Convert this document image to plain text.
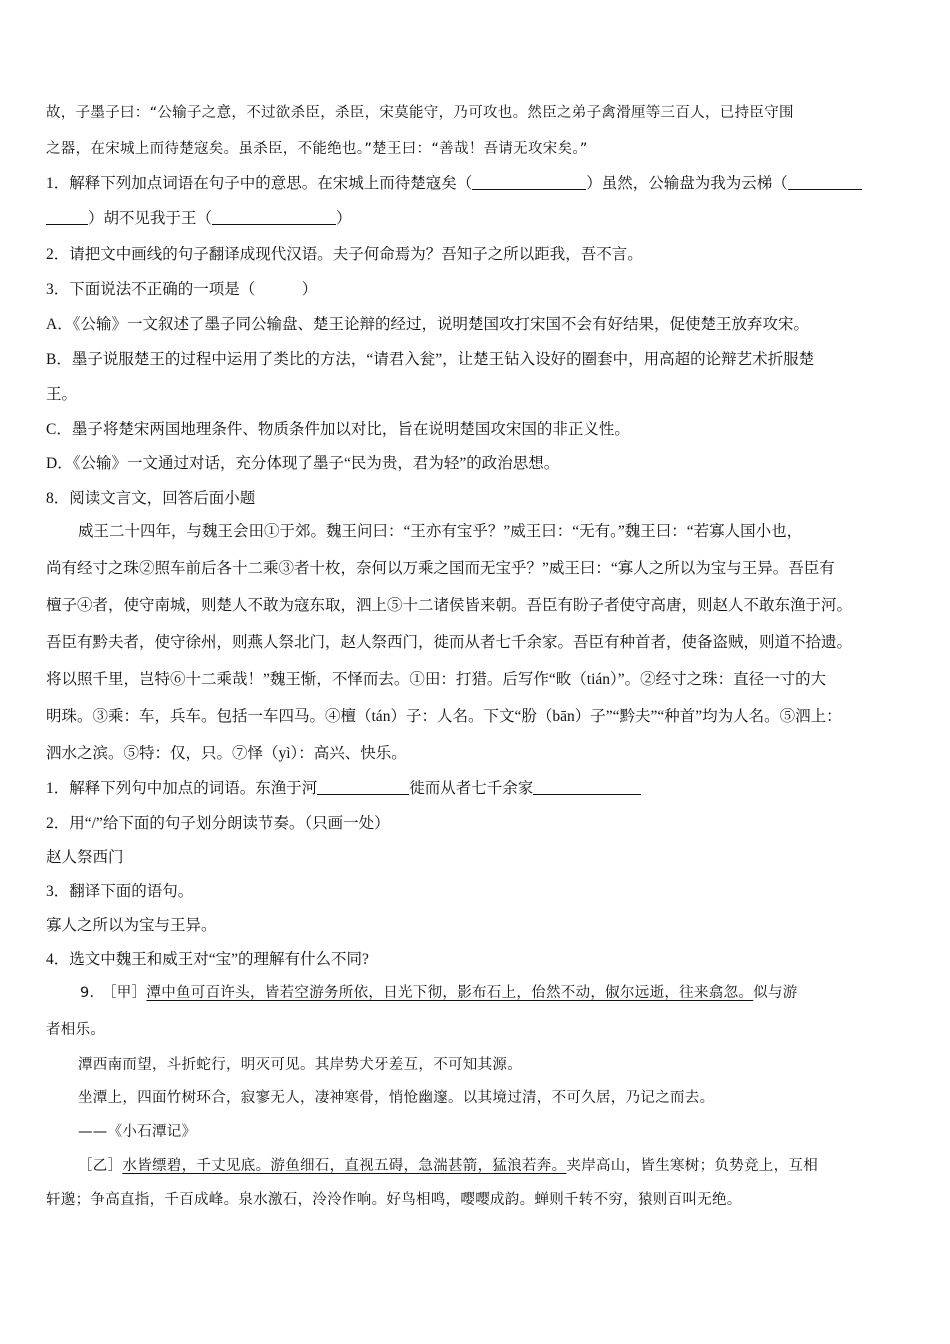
故，子墨子曰：“公输子之意，不过欲杀臣，杀臣，宋莫能守，乃可攻也。然臣之弟子禽滑厘等三百人，已持臣守围
之器，在宋城上而待楚寇矣。虽杀臣，不能绝也。”楚王曰：“善哉！吾请无攻宋矣。”
1．解释下列加点词语在句子中的意思。在宋城上而待楚寇矣（	）虽然，公输盘为我为云梯（
）胡不见我于王（	）
2．请把文中画线的句子翻译成现代汉语。夫子何命焉为？吾知子之所以距我，吾不言。
3．下面说法不正确的一项是（　　　）
A．《公输》一文叙述了墨子同公输盘、楚王论辩的经过，说明楚国攻打宋国不会有好结果，促使楚王放弃攻宋。
B．墨子说服楚王的过程中运用了类比的方法，“请君入瓮”，让楚王钻入设好的圈套中，用高超的论辩艺术折服楚
王。
C．墨子将楚宋两国地理条件、物质条件加以对比，旨在说明楚国攻宋国的非正义性。
D．《公输》一文通过对话，充分体现了墨子“民为贵，君为轻”的政治思想。
8．阅读文言文，回答后面小题
威王二十四年，与魏王会田①于郊。魏王问曰：“王亦有宝乎？”威王曰：“无有。”魏王曰：“若寡人国小也，
尚有经寸之珠②照车前后各十二乘③者十枚，奈何以万乘之国而无宝乎？”威王曰：“寡人之所以为宝与王异。吾臣有
檀子④者，使守南城，则楚人不敢为寇东取，泗上⑤十二诸侯皆来朝。吾臣有盼子者使守高唐，则赵人不敢东渔于河。
吾臣有黔夫者，使守徐州，则燕人祭北门，赵人祭西门，徙而从者七千余家。吾臣有种首者，使备盗贼，则道不拾遗。
将以照千里，岂特⑥十二乘哉！”魏王惭，不怿而去。①田：打猎。后写作“畋（tián）”。②经寸之珠：直径一寸的大
明珠。③乘：车，兵车。包括一车四马。④檀（tán）子：人名。下文“肦（bān）子”“黔夫”“种首”均为人名。⑤泗上：
泗水之滨。⑤特：仅，只。⑦怿（yì）：高兴、快乐。
1．解释下列句中加点的词语。东渔于河	徙而从者七千余家
2．用“/”给下面的句子划分朗读节奏。（只画一处）
赵人祭西门
3．翻译下面的语句。
寡人之所以为宝与王异。
4．选文中魏王和威王对“宝”的理解有什么不同?
9.　［甲］潭中鱼可百许头，皆若空游务所依，日光下彻，影布石上，佁然不动，俶尔远逝，往来翕忽。似与游
者相乐。
潭西南而望，斗折蛇行，明灭可见。其岸势犬牙差互，不可知其源。
坐潭上，四面竹树环合，寂寥无人，凄神寒骨，悄怆幽邃。以其境过清，不可久居，乃记之而去。
——《小石潭记》
［乙］水皆缥碧，千丈见底。游鱼细石，直视五碍，急湍甚箭，猛浪若奔。夹岸高山，皆生寒树；负势竞上，互相
轩邈；争高直指，千百成峰。泉水激石，泠泠作响。好鸟相鸣，嘤嘤成韵。蝉则千转不穷，猿则百叫无绝。
